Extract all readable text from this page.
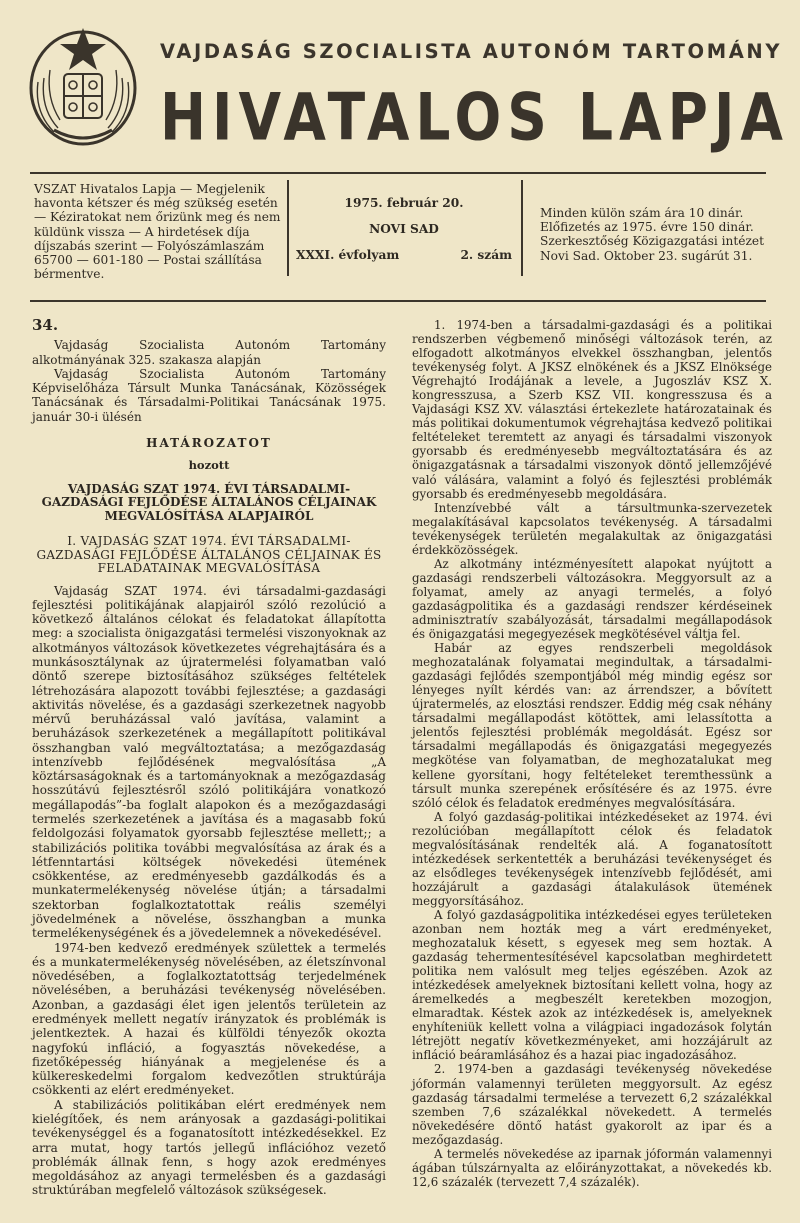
VAJDASÁG SZOCIALISTA AUTONÓM TARTOMÁNY
HIVATALOS LAPJA
VSZAT Hivatalos Lapja — Megjelenik havonta kétszer és még szükség esetén — Kéziratokat nem őrizünk meg és nem küldünk vissza — A hirdetések díja díjszabás szerint — Folyószámlaszám 65700 — 601-180 — Postai szállítása bérmentve.
1975. február 20.
NOVI SAD
XXXI. évfolyam	2. szám
Minden külön szám ára 10 dinár. Előfizetés az 1975. évre 150 dinár. Szerkesztőség Közigazgatási intézet Novi Sad. Oktober 23. sugárút 31.
34.

Vajdaság Szocialista Autonóm Tartomány alkotmányának 325. szakasza alapján

Vajdaság Szocialista Autonóm Tartomány Képviselőháza Társult Munka Tanácsának, Közösségek Tanácsának és Társadalmi-Politikai Tanácsának 1975. január 30-i ülésén

HATÁROZATOT
hozott
VAJDASÁG SZAT 1974. ÉVI TÁRSADALMI-GAZDASÁGI FEJLŐDÉSE ÁLTALÁNOS CÉLJAINAK MEGVALÓSÍTÁSA ALAPJAIRÓL
I. VAJDASÁG SZAT 1974. ÉVI TÁRSADALMI-GAZDASÁGI FEJLŐDÉSE ÁLTALÁNOS CÉLJAINAK ÉS FELADATAINAK MEGVALÓSÍTÁSA

Vajdaság SZAT 1974. évi társadalmi-gazdasági fejlesztési politikájának alapjairól szóló rezolúció a következő általános célokat és feladatokat állapította meg: a szocialista önigazgatási termelési viszonyoknak az alkotmányos változások következetes végrehajtására és a munkásosztálynak az újratermelési folyamatban való döntő szerepe biztosításához szükséges feltételek létrehozására alapozott további fejlesztése; a gazdasági aktivitás növelése, és a gazdasági szerkezetnek nagyobb mérvű beruházással való javítása, valamint a beruházások szerkezetének a megállapított politikával összhangban való megváltoztatása; a mezőgazdaság intenzívebb fejlődésének megvalósítása „A köztársaságoknak és a tartományoknak a mezőgazdaság hosszútávú fejlesztésről szóló politikájára vonatkozó megállapodás”-ba foglalt alapokon és a mezőgazdasági termelés szerkezetének a javítása és a magasabb fokú feldolgozási folyamatok gyorsabb fejlesztése mellett;; a stabilizációs politika további megvalósítása az árak és a létfenntartási költségek növekedési ütemének csökkentése, az eredményesebb gazdálkodás és a munkatermelékenység növelése útján; a társadalmi szektorban foglalkoztatottak reális személyi jövedelmének a növelése, összhangban a munka termelékenységének és a jövedelemnek a növekedésével.

1974-ben kedvező eredmények születtek a termelés és a munkatermelékenység növelésében, az életszínvonal növedésében, a foglalkoztatottság terjedelmének növelésében, a beruházási tevékenység növelésében. Azonban, a gazdasági élet igen jelentős területein az eredmények mellett negatív irányzatok és problémák is jelentkeztek. A hazai és külföldi tényezők okozta nagyfokú infláció, a fogyasztás növekedése, a fizetőképesség hiányának a megjelenése és a külkereskedelmi forgalom kedvezőtlen struktúrája csökkenti az elért eredményeket.

A stabilizációs politikában elért eredmények nem kielégítőek, és nem arányosak a gazdasági-politikai tevékenységgel és a foganatosított intézkedésekkel. Ez arra mutat, hogy tartós jellegű inflációhoz vezető problémák állnak fenn, s hogy azok eredményes megoldásához az anyagi termelésben és a gazdasági struktúrában megfelelő változások szükségesek.

1. 1974-ben a társadalmi-gazdasági és a politikai rendszerben végbemenő minőségi változások terén, az elfogadott alkotmányos elvekkel összhangban, jelentős tevékenység folyt. A JKSZ elnökének és a JKSZ Elnöksége Végrehajtó Irodájának a levele, a Jugoszláv KSZ X. kongresszusa, a Szerb KSZ VII. kongresszusa és a Vajdasági KSZ XV. választási értekezlete határozatainak és más politikai dokumentumok végrehajtása kedvező politikai feltételeket teremtett az anyagi és társadalmi viszonyok gyorsabb és eredményesebb megváltoztatására és az önigazgatásnak a társadalmi viszonyok döntő jellemzőjévé való válására, valamint a folyó és fejlesztési problémák gyorsabb és eredményesebb megoldására.

Intenzívebbé vált a társultmunka-szervezetek megalakításával kapcsolatos tevékenység. A társadalmi tevékenységek területén megalakultak az önigazgatási érdekközösségek.

Az alkotmány intézményesített alapokat nyújtott a gazdasági rendszerbeli változásokra. Meggyorsult az a folyamat, amely az anyagi termelés, a folyó gazdaságpolitika és a gazdasági rendszer kérdéseinek adminisztratív szabályozását, társadalmi megállapodások és önigazgatási megegyezések megkötésével váltja fel.

Habár az egyes rendszerbeli megoldások meghozatalának folyamatai megindultak, a társadalmi-gazdasági fejlődés szempontjából még mindig egész sor lényeges nyílt kérdés van: az árrendszer, a bővített újratermelés, az elosztási rendszer. Eddig még csak néhány társadalmi megállapodást kötöttek, ami lelassította a jelentős fejlesztési problémák megoldását. Egész sor társadalmi megállapodás és önigazgatási megegyezés megkötése van folyamatban, de meghozatalukat meg kellene gyorsítani, hogy feltételeket teremthessünk a társult munka szerepének erősítésére és az 1975. évre szóló célok és feladatok eredményes megvalósítására.

A folyó gazdaság-politikai intézkedéseket az 1974. évi rezolúcióban megállapított célok és feladatok megvalósításának rendelték alá. A foganatosított intézkedések serkentették a beruházási tevékenységet és az elsődleges tevékenységek intenzívebb fejlődését, ami hozzájárult a gazdasági átalakulások ütemének meggyorsításához.

A folyó gazdaságpolitika intézkedései egyes területeken azonban nem hozták meg a várt eredményeket, meghozataluk késett, s egyesek meg sem hoztak. A gazdaság tehermentesítésével kapcsolatban meghirdetett politika nem valósult meg teljes egészében. Azok az intézkedések amelyeknek biztosítani kellett volna, hogy az áremelkedés a megbeszélt keretekben mozogjon, elmaradtak. Késtek azok az intézkedések is, amelyeknek enyhíteniük kellett volna a világpiaci ingadozások folytán létrejött negatív következményeket, ami hozzájárult az infláció beáramlásához és a hazai piac ingadozásához.

2. 1974-ben a gazdasági tevékenység növekedése jóformán valamennyi területen meggyorsult. Az egész gazdaság társadalmi termelése a tervezett 6,2 százalékkal szemben 7,6 százalékkal növekedett. A termelés növekedésére döntő hatást gyakorolt az ipar és a mezőgazdaság.

A termelés növekedése az iparnak jóformán valamennyi ágában túlszárnyalta az előirányzottakat, a növekedés kb. 12,6 százalék (tervezett 7,4 százalék).
